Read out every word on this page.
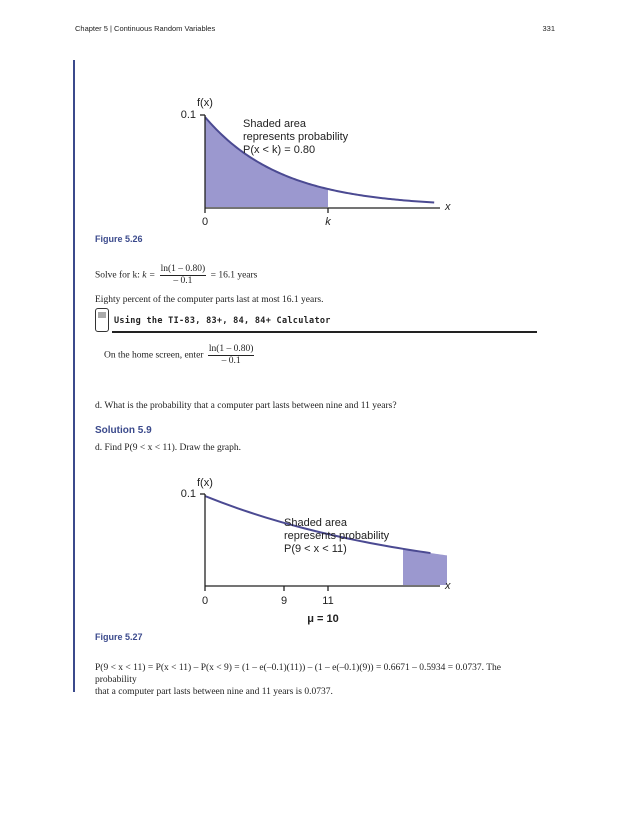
Chapter 5 | Continuous Random Variables	331
f(x)
0.1
x
0	k
Shaded area
represents probability
P(x < k) = 0.80
f(x)
0.1
x
0	9	11
μ = 10
Shaded area
represents probability
P(9 < x < 11)
Figure 5.26
Solve for k: $k = \frac{\ln(1 - 0.80)}{- 0.1} = 16.1$ years
Eighty percent of the computer parts last at most 16.1 years.
Using the TI-83, 83+, 84, 84+ Calculator
On the home screen, enter $\frac{\ln(1 - 0.80)}{- 0.1}$
d. What is the probability that a computer part lasts between nine and 11 years?
Solution 5.9
d. Find P(9 < x < 11). Draw the graph.
Figure 5.27
P(9 < x < 11) = P(x < 11) – P(x < 9) = (1 – e(–0.1)(11)) – (1 – e(–0.1)(9)) = 0.6671 – 0.5934 = 0.0737. The probability
that a computer part lasts between nine and 11 years is 0.0737.
